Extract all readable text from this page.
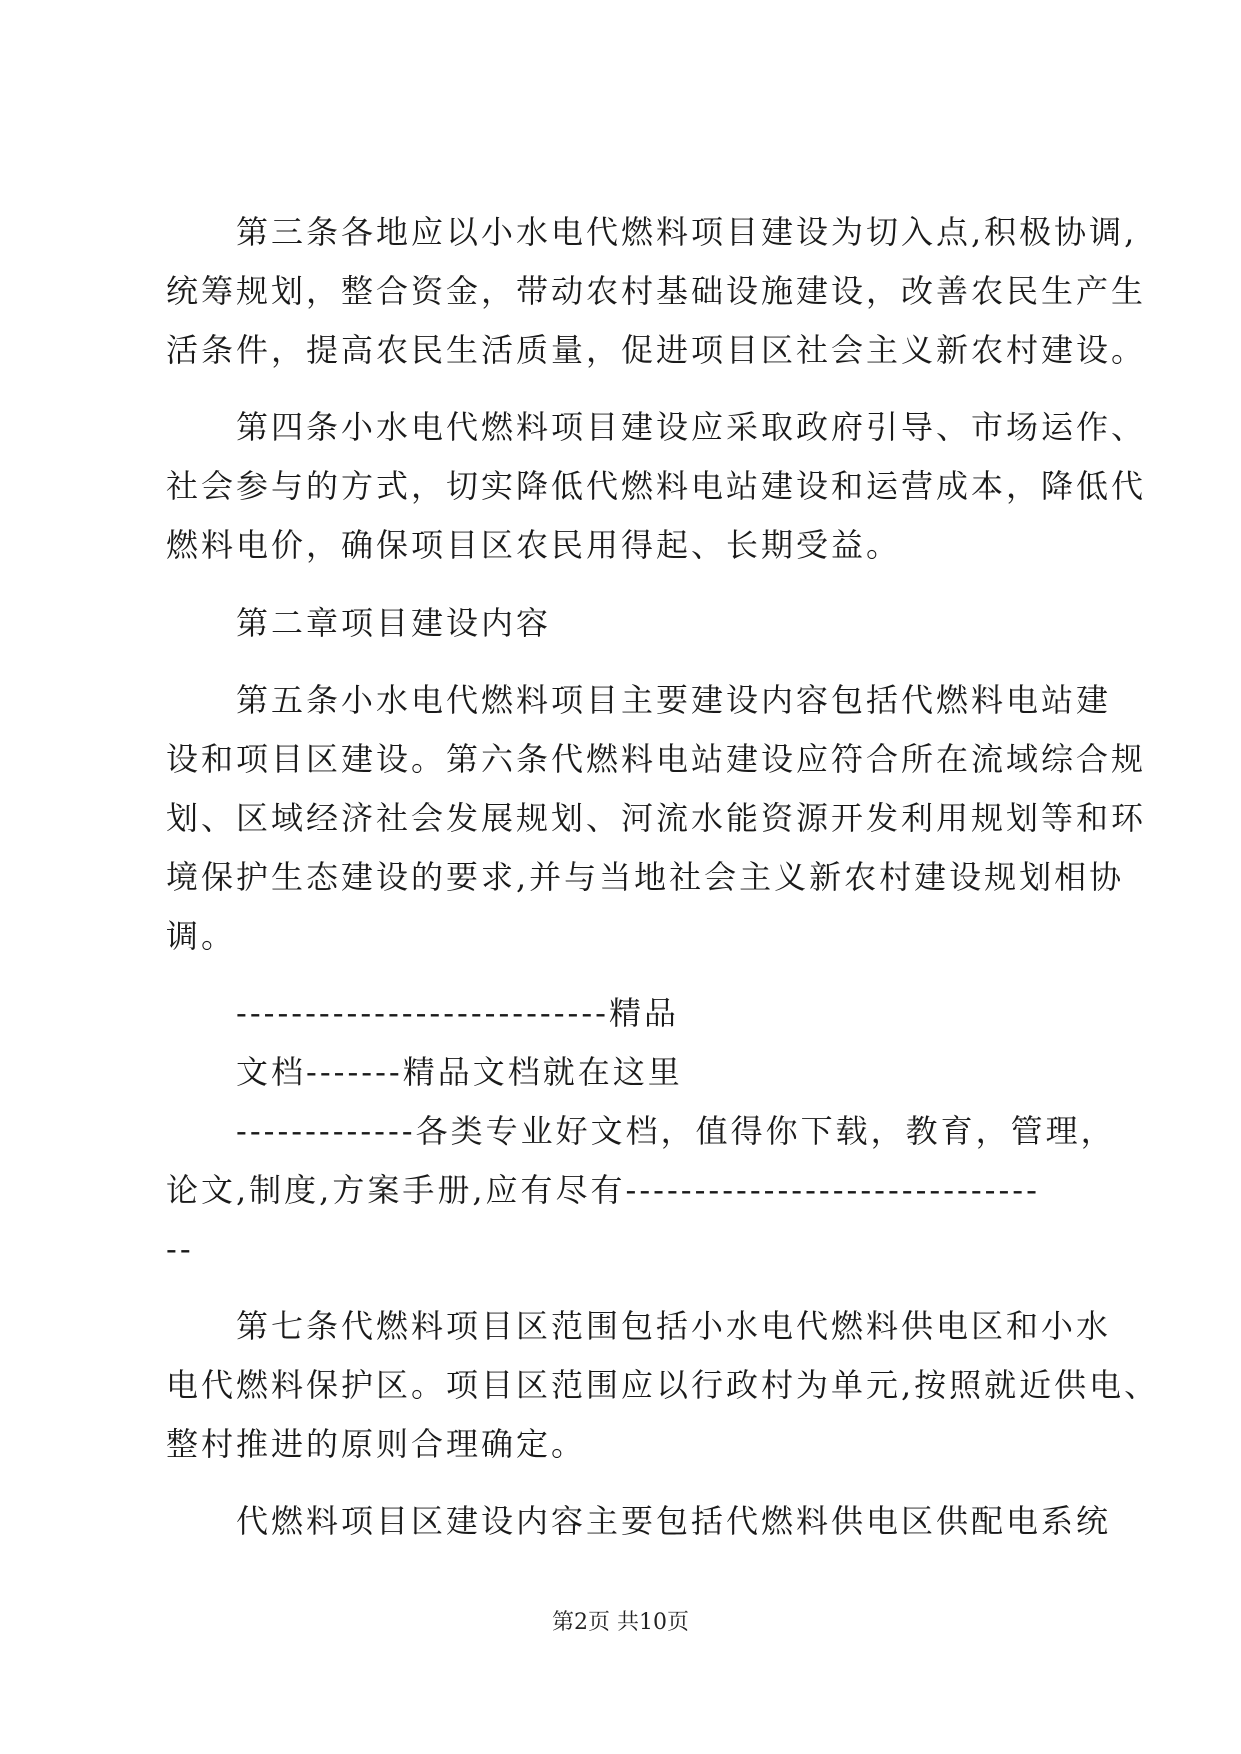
　　第三条各地应以小水电代燃料项目建设为切入点,积极协调,
统筹规划，整合资金，带动农村基础设施建设，改善农民生产生
活条件，提高农民生活质量，促进项目区社会主义新农村建设。
　　第四条小水电代燃料项目建设应采取政府引导、市场运作、
社会参与的方式，切实降低代燃料电站建设和运营成本，降低代
燃料电价，确保项目区农民用得起、长期受益。
　　第二章项目建设内容
　　第五条小水电代燃料项目主要建设内容包括代燃料电站建
设和项目区建设。第六条代燃料电站建设应符合所在流域综合规
划、区域经济社会发展规划、河流水能资源开发利用规划等和环
境保护生态建设的要求,并与当地社会主义新农村建设规划相协
调。
　　---------------------------精品
　　文档-------精品文档就在这里
　　-------------各类专业好文档，值得你下载，教育，管理，
论文,制度,方案手册,应有尽有------------------------------
--
　　第七条代燃料项目区范围包括小水电代燃料供电区和小水
电代燃料保护区。项目区范围应以行政村为单元,按照就近供电、
整村推进的原则合理确定。
　　代燃料项目区建设内容主要包括代燃料供电区供配电系统
第2页 共10页
